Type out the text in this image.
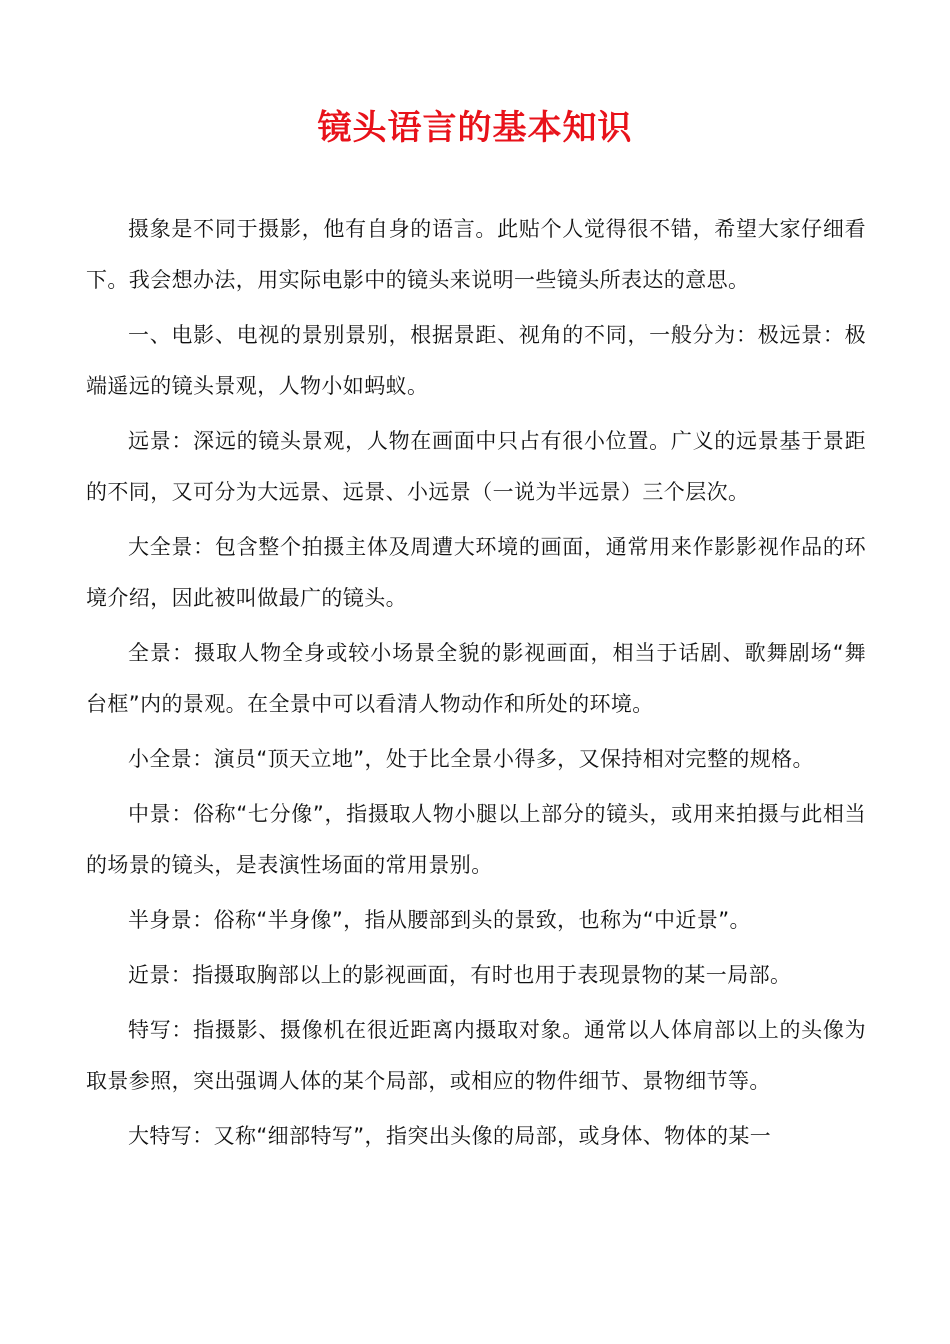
镜头语言的基本知识

摄象是不同于摄影，他有自身的语言。此贴个人觉得很不错，希望大家仔细看下。我会想办法，用实际电影中的镜头来说明一些镜头所表达的意思。

一、电影、电视的景别景别，根据景距、视角的不同，一般分为：极远景：极端遥远的镜头景观，人物小如蚂蚁。

远景：深远的镜头景观，人物在画面中只占有很小位置。广义的远景基于景距的不同，又可分为大远景、远景、小远景（一说为半远景）三个层次。

大全景：包含整个拍摄主体及周遭大环境的画面，通常用来作影影视作品的环境介绍，因此被叫做最广的镜头。

全景：摄取人物全身或较小场景全貌的影视画面，相当于话剧、歌舞剧场“舞台框”内的景观。在全景中可以看清人物动作和所处的环境。

小全景：演员“顶天立地”，处于比全景小得多，又保持相对完整的规格。

中景：俗称“七分像”，指摄取人物小腿以上部分的镜头，或用来拍摄与此相当的场景的镜头，是表演性场面的常用景别。

半身景：俗称“半身像”，指从腰部到头的景致，也称为“中近景”。

近景：指摄取胸部以上的影视画面，有时也用于表现景物的某一局部。

特写：指摄影、摄像机在很近距离内摄取对象。通常以人体肩部以上的头像为取景参照，突出强调人体的某个局部，或相应的物件细节、景物细节等。

大特写：又称“细部特写”，指突出头像的局部，或身体、物体的某一
